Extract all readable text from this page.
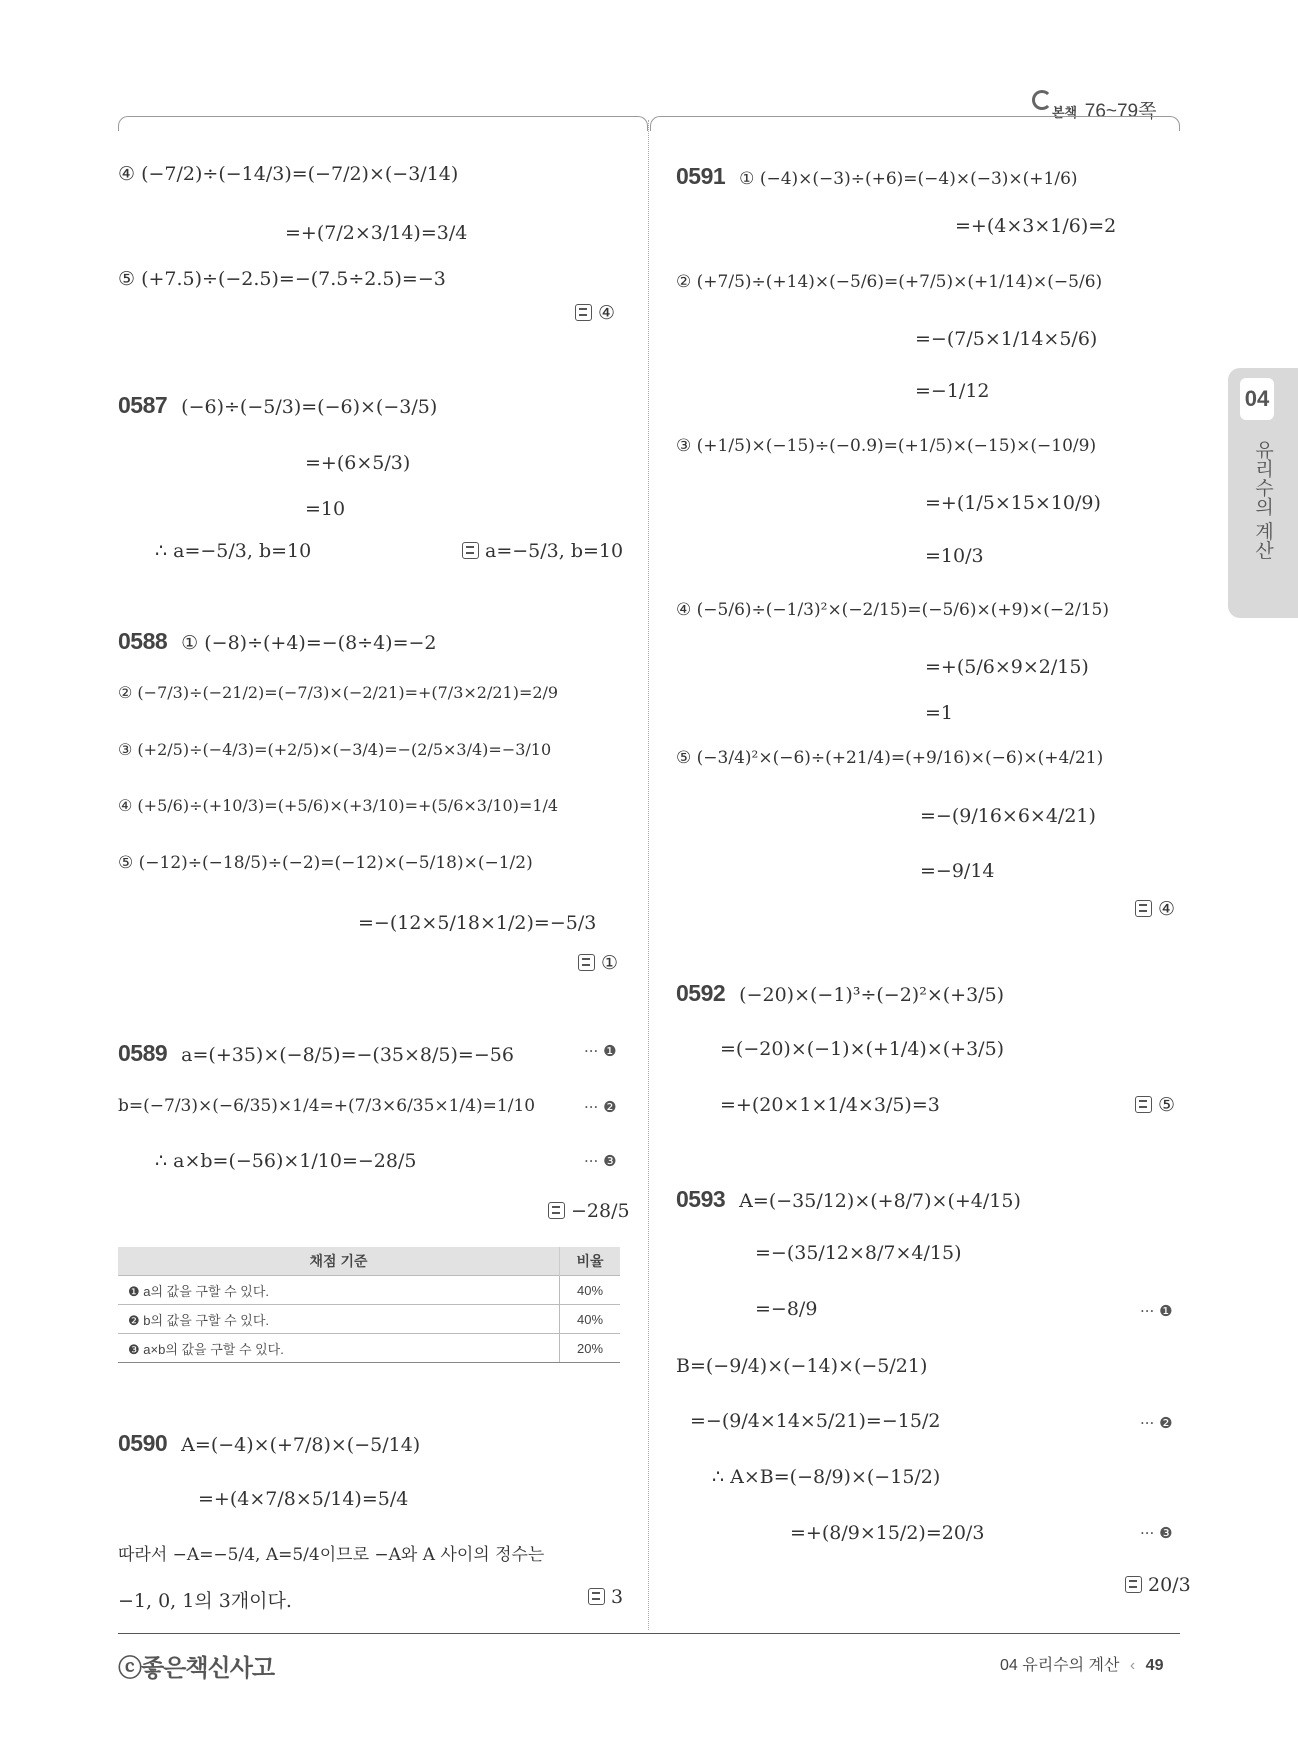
본책 76~79쪽
04
유리수의 계산
④ (−7/2)÷(−14/3)=(−7/2)×(−3/14)
=+(7/2×3/14)=3/4
⑤ (+7.5)÷(−2.5)=−(7.5÷2.5)=−3
④
0587 (−6)÷(−5/3)=(−6)×(−3/5)
=+(6×5/3)
=10
∴ a=−5/3, b=10	a=−5/3, b=10
0588 ① (−8)÷(+4)=−(8÷4)=−2
② (−7/3)÷(−21/2)=(−7/3)×(−2/21)=+(7/3×2/21)=2/9
③ (+2/5)÷(−4/3)=(+2/5)×(−3/4)=−(2/5×3/4)=−3/10
④ (+5/6)÷(+10/3)=(+5/6)×(+3/10)=+(5/6×3/10)=1/4
⑤ (−12)÷(−18/5)÷(−2)=(−12)×(−5/18)×(−1/2)
=−(12×5/18×1/2)=−5/3
①
0589 a=(+35)×(−8/5)=−(35×8/5)=−56	··· ❶
b=(−7/3)×(−6/35)×1/4=+(7/3×6/35×1/4)=1/10	··· ❷
∴ a×b=(−56)×1/10=−28/5	··· ❸
−28/5
채점 기준	비율
❶ a의 값을 구할 수 있다.	40%
❷ b의 값을 구할 수 있다.	40%
❸ a×b의 값을 구할 수 있다.	20%
0590 A=(−4)×(+7/8)×(−5/14)
=+(4×7/8×5/14)=5/4
따라서 −A=−5/4, A=5/4이므로 −A와 A 사이의 정수는
−1, 0, 1의 3개이다.	3
0591 ① (−4)×(−3)÷(+6)=(−4)×(−3)×(+1/6)
=+(4×3×1/6)=2
② (+7/5)÷(+14)×(−5/6)=(+7/5)×(+1/14)×(−5/6)
=−(7/5×1/14×5/6)
=−1/12
③ (+1/5)×(−15)÷(−0.9)=(+1/5)×(−15)×(−10/9)
=+(1/5×15×10/9)
=10/3
④ (−5/6)÷(−1/3)²×(−2/15)=(−5/6)×(+9)×(−2/15)
=+(5/6×9×2/15)
=1
⑤ (−3/4)²×(−6)÷(+21/4)=(+9/16)×(−6)×(+4/21)
=−(9/16×6×4/21)
=−9/14
④
0592 (−20)×(−1)³÷(−2)²×(+3/5)
=(−20)×(−1)×(+1/4)×(+3/5)
=+(20×1×1/4×3/5)=3	⑤
0593 A=(−35/12)×(+8/7)×(+4/15)
=−(35/12×8/7×4/15)
=−8/9	··· ❶
B=(−9/4)×(−14)×(−5/21)
=−(9/4×14×5/21)=−15/2	··· ❷
∴ A×B=(−8/9)×(−15/2)
=+(8/9×15/2)=20/3	··· ❸
20/3
ⓒ좋은책신사고	04 유리수의 계산 ‹ 49
